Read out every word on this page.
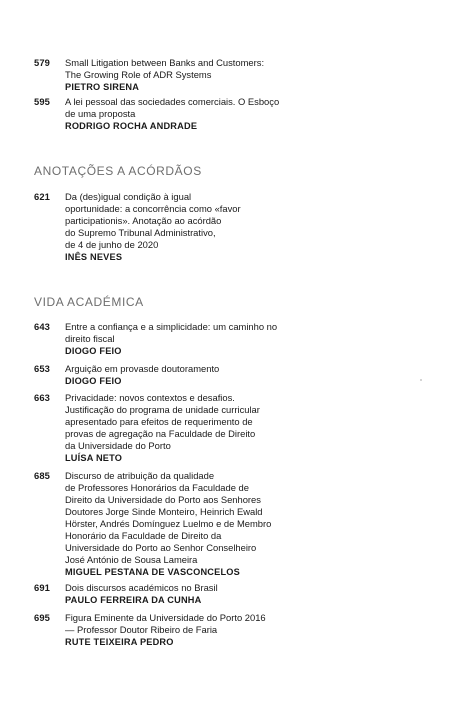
579 Small Litigation between Banks and Customers:
The Growing Role of ADR Systems
PIETRO SIRENA
595 A lei pessoal das sociedades comerciais. O Esboço
de uma proposta
RODRIGO ROCHA ANDRADE
ANOTAÇÕES A ACÓRDÃOS
621 Da (des)igual condição à igual
oportunidade: a concorrência como «favor
participationis». Anotação ao acórdão
do Supremo Tribunal Administrativo,
de 4 de junho de 2020
INÊS NEVES
VIDA ACADÉMICA
643 Entre a confiança e a simplicidade: um caminho no
direito fiscal
DIOGO FEIO
653 Arguição em provasde doutoramento
DIOGO FEIO
663 Privacidade: novos contextos e desafios.
Justificação do programa de unidade curricular
apresentado para efeitos de requerimento de
provas de agregação na Faculdade de Direito
da Universidade do Porto
LUÍSA NETO
685 Discurso de atribuição da qualidade
de Professores Honorários da Faculdade de
Direito da Universidade do Porto aos Senhores
Doutores Jorge Sinde Monteiro, Heinrich Ewald
Hörster, Andrés Domínguez Luelmo e de Membro
Honorário da Faculdade de Direito da
Universidade do Porto ao Senhor Conselheiro
José António de Sousa Lameira
MIGUEL PESTANA DE VASCONCELOS
691 Dois discursos académicos no Brasil
PAULO FERREIRA DA CUNHA
695 Figura Eminente da Universidade do Porto 2016
— Professor Doutor Ribeiro de Faria
RUTE TEIXEIRA PEDRO
